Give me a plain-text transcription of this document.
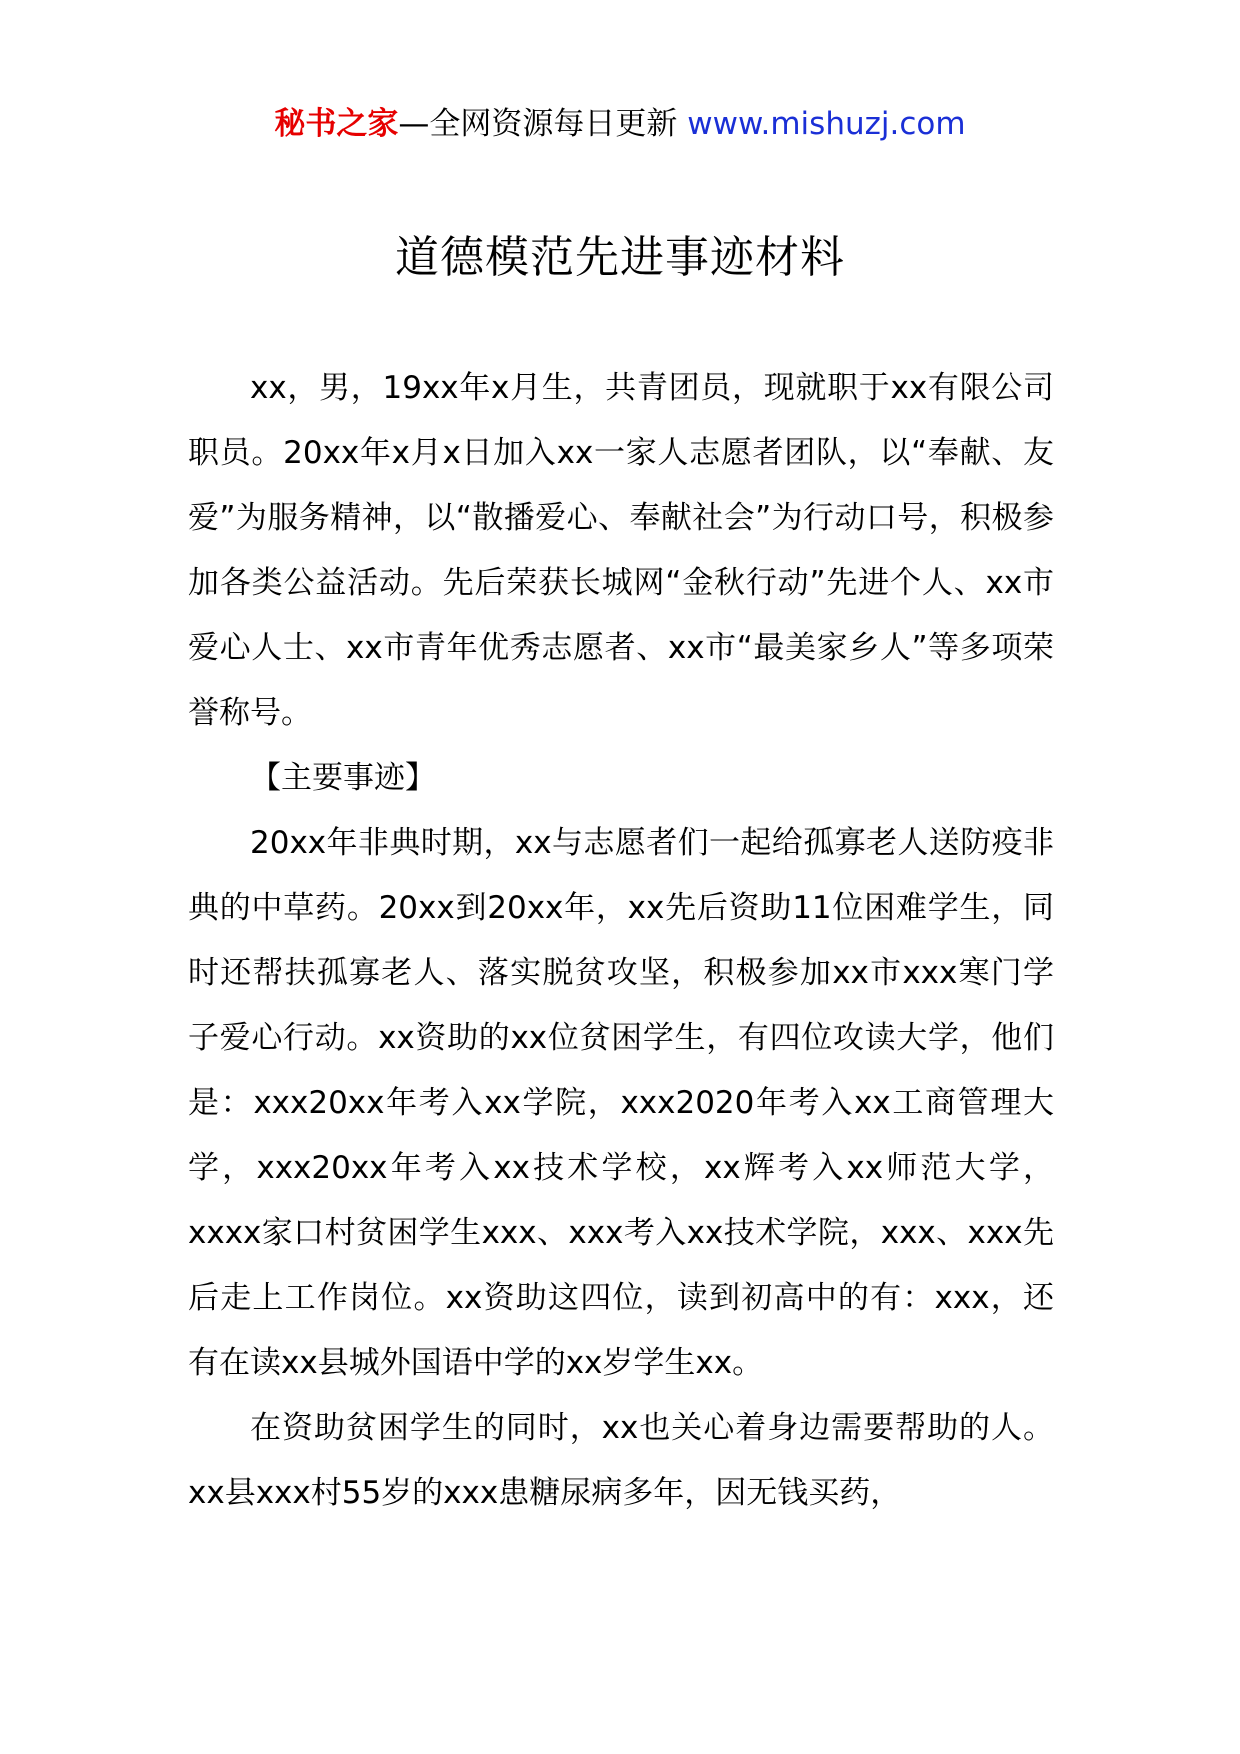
秘书之家—全网资源每日更新 www.mishuzj.com
道德模范先进事迹材料

xx，男，19xx年x月生，共青团员，现就职于xx有限公司职员。20xx年x月x日加入xx一家人志愿者团队，以“奉献、友爱”为服务精神，以“散播爱心、奉献社会”为行动口号，积极参加各类公益活动。先后荣获长城网“金秋行动”先进个人、xx市爱心人士、xx市青年优秀志愿者、xx市“最美家乡人”等多项荣誉称号。

【主要事迹】

20xx年非典时期，xx与志愿者们一起给孤寡老人送防疫非典的中草药。20xx到20xx年，xx先后资助11位困难学生，同时还帮扶孤寡老人、落实脱贫攻坚，积极参加xx市xxx寒门学子爱心行动。xx资助的xx位贫困学生，有四位攻读大学，他们是：xxx20xx年考入xx学院，xxx2020年考入xx工商管理大学，xxx20xx年考入xx技术学校，xx辉考入xx师范大学，xxxx家口村贫困学生xxx、xxx考入xx技术学院，xxx、xxx先后走上工作岗位。xx资助这四位，读到初高中的有：xxx，还有在读xx县城外国语中学的xx岁学生xx。

在资助贫困学生的同时，xx也关心着身边需要帮助的人。xx县xxx村55岁的xxx患糖尿病多年，因无钱买药，
